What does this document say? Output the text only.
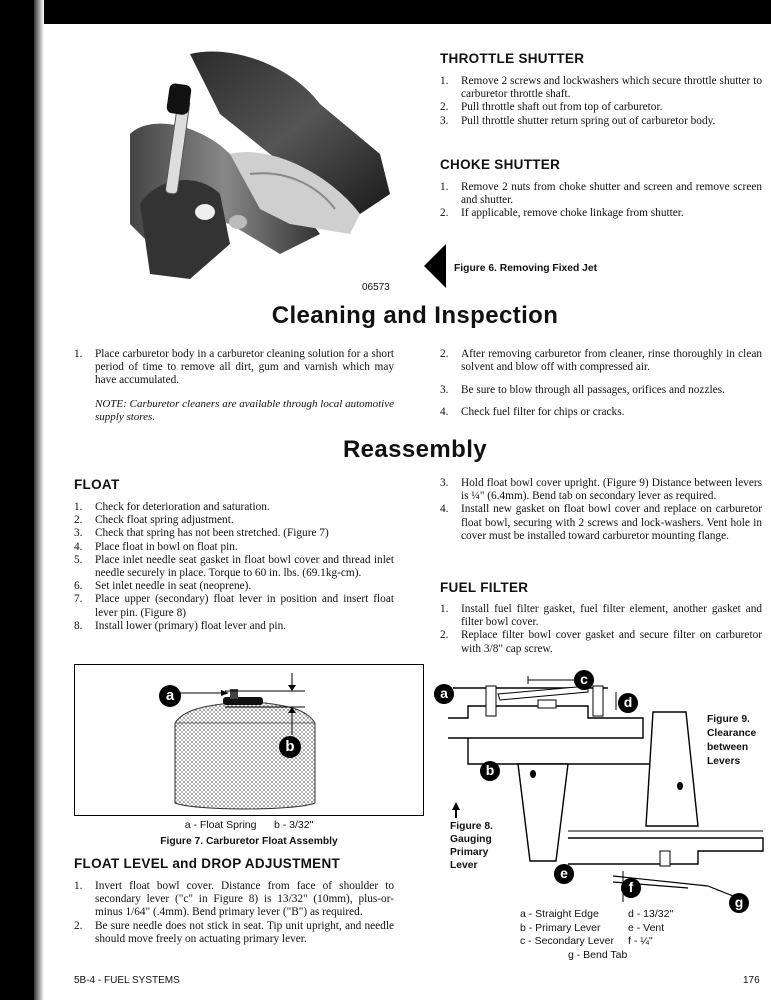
06573
THROTTLE SHUTTER
1. Remove 2 screws and lockwashers which secure throttle shutter to carburetor throttle shaft.
2. Pull throttle shaft out from top of carburetor.
3. Pull throttle shutter return spring out of carburetor body.
CHOKE SHUTTER
1. Remove 2 nuts from choke shutter and screen and remove screen and shutter.
2. If applicable, remove choke linkage from shutter.
Figure 6. Removing Fixed Jet
Cleaning and Inspection
1. Place carburetor body in a carburetor cleaning solution for a short period of time to remove all dirt, gum and varnish which may have accumulated.
NOTE: Carburetor cleaners are available through local automotive supply stores.
2. After removing carburetor from cleaner, rinse thoroughly in clean solvent and blow off with compressed air.
3. Be sure to blow through all passages, orifices and nozzles.
4. Check fuel filter for chips or cracks.
Reassembly
FLOAT
1. Check for deterioration and saturation.
2. Check float spring adjustment.
3. Check that spring has not been stretched. (Figure 7)
4. Place float in bowl on float pin.
5. Place inlet needle seat gasket in float bowl cover and thread inlet needle securely in place. Torque to 60 in. lbs. (69.1kg-cm).
6. Set inlet needle in seat (neoprene).
7. Place upper (secondary) float lever in position and insert float lever pin. (Figure 8)
8. Install lower (primary) float lever and pin.
3. Hold float bowl cover upright. (Figure 9) Distance between levers is ¼" (6.4mm). Bend tab on secondary lever as required.
4. Install new gasket on float bowl cover and replace on carburetor float bowl, securing with 2 screws and lock-washers. Vent hole in cover must be installed toward carburetor mounting flange.
FUEL FILTER
1. Install fuel filter gasket, fuel filter element, another gasket and filter bowl cover.
2. Replace filter bowl cover gasket and secure filter on carburetor with 3/8" cap screw.
a
b
a - Float Spring      b - 3/32"
Figure 7. Carburetor Float Assembly
FLOAT LEVEL and DROP ADJUSTMENT
1. Invert float bowl cover. Distance from face of shoulder to secondary lever ("c" in Figure 8) is 13/32" (10mm), plus-or-minus 1/64" (.4mm). Bend primary lever ("B") as required.
2. Be sure needle does not stick in seat. Tip unit upright, and needle should move freely on actuating primary lever.
a
b
c
d
e
f
g
Figure 9.
Clearance
between
Levers
Figure 8.
Gauging
Primary
Lever
a - Straight Edge	d - 13/32"
b - Primary Lever	e - Vent
c - Secondary Lever f - ¼"
g - Bend Tab
5B-4 - FUEL SYSTEMS	176
